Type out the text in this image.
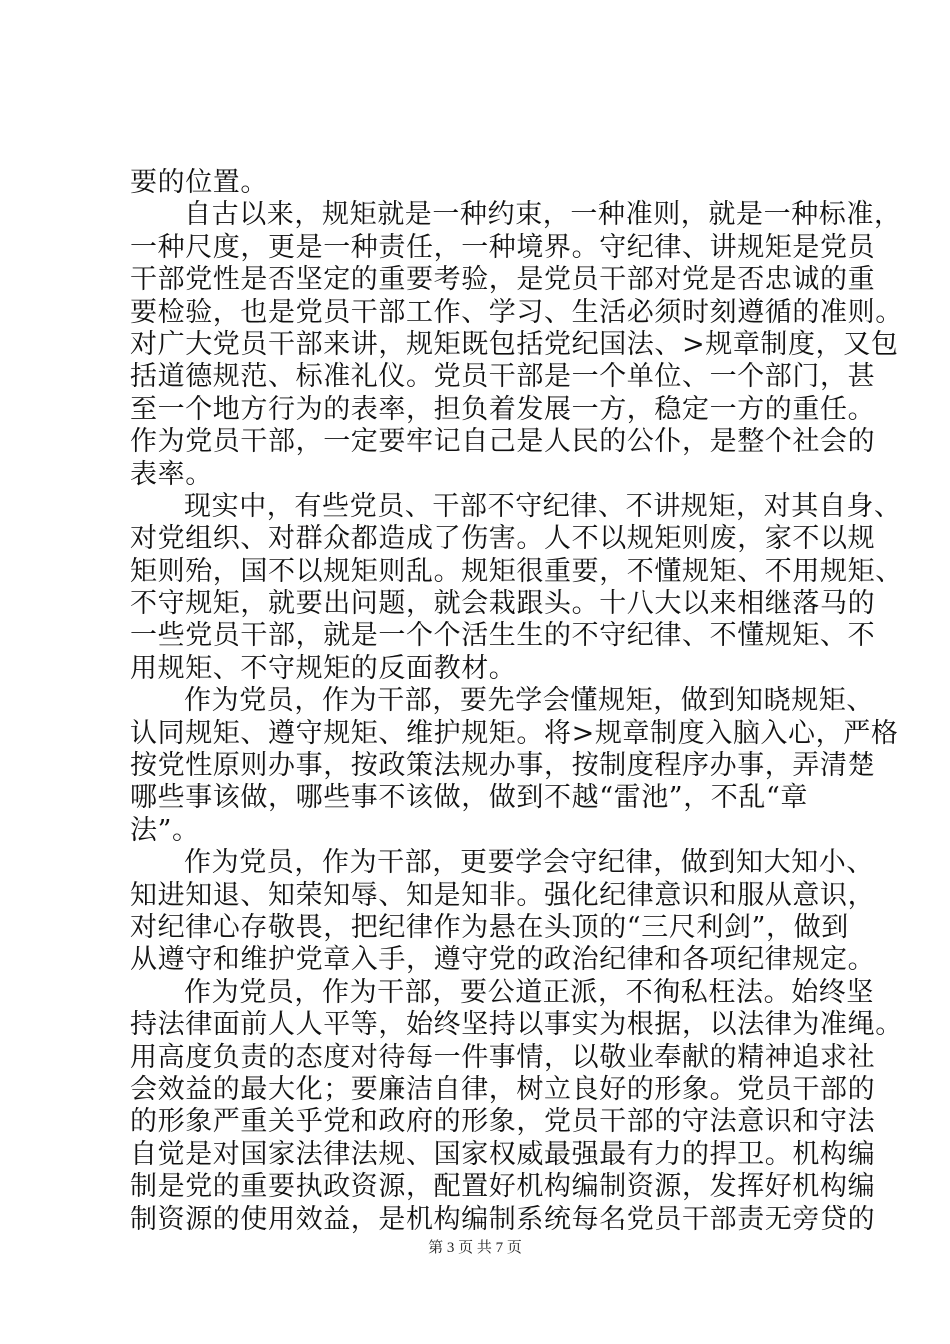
要的位置。
自古以来，规矩就是一种约束，一种准则，就是一种标准，
一种尺度，更是一种责任，一种境界。守纪律、讲规矩是党员
干部党性是否坚定的重要考验，是党员干部对党是否忠诚的重
要检验，也是党员干部工作、学习、生活必须时刻遵循的准则。
对广大党员干部来讲，规矩既包括党纪国法、>规章制度，又包
括道德规范、标准礼仪。党员干部是一个单位、一个部门，甚
至一个地方行为的表率，担负着发展一方，稳定一方的重任。
作为党员干部，一定要牢记自己是人民的公仆，是整个社会的
表率。
现实中，有些党员、干部不守纪律、不讲规矩，对其自身、
对党组织、对群众都造成了伤害。人不以规矩则废，家不以规
矩则殆，国不以规矩则乱。规矩很重要，不懂规矩、不用规矩、
不守规矩，就要出问题，就会栽跟头。十八大以来相继落马的
一些党员干部，就是一个个活生生的不守纪律、不懂规矩、不
用规矩、不守规矩的反面教材。
作为党员，作为干部，要先学会懂规矩，做到知晓规矩、
认同规矩、遵守规矩、维护规矩。将>规章制度入脑入心，严格
按党性原则办事，按政策法规办事，按制度程序办事，弄清楚
哪些事该做，哪些事不该做，做到不越“雷池”，不乱“章
法”。
作为党员，作为干部，更要学会守纪律，做到知大知小、
知进知退、知荣知辱、知是知非。强化纪律意识和服从意识，
对纪律心存敬畏，把纪律作为悬在头顶的“三尺利剑”，做到
从遵守和维护党章入手，遵守党的政治纪律和各项纪律规定。
作为党员，作为干部，要公道正派，不徇私枉法。始终坚
持法律面前人人平等，始终坚持以事实为根据，以法律为准绳。
用高度负责的态度对待每一件事情，以敬业奉献的精神追求社
会效益的最大化；要廉洁自律，树立良好的形象。党员干部的
的形象严重关乎党和政府的形象，党员干部的守法意识和守法
自觉是对国家法律法规、国家权威最强最有力的捍卫。机构编
制是党的重要执政资源，配置好机构编制资源，发挥好机构编
制资源的使用效益，是机构编制系统每名党员干部责无旁贷的
第 3 页 共 7 页
